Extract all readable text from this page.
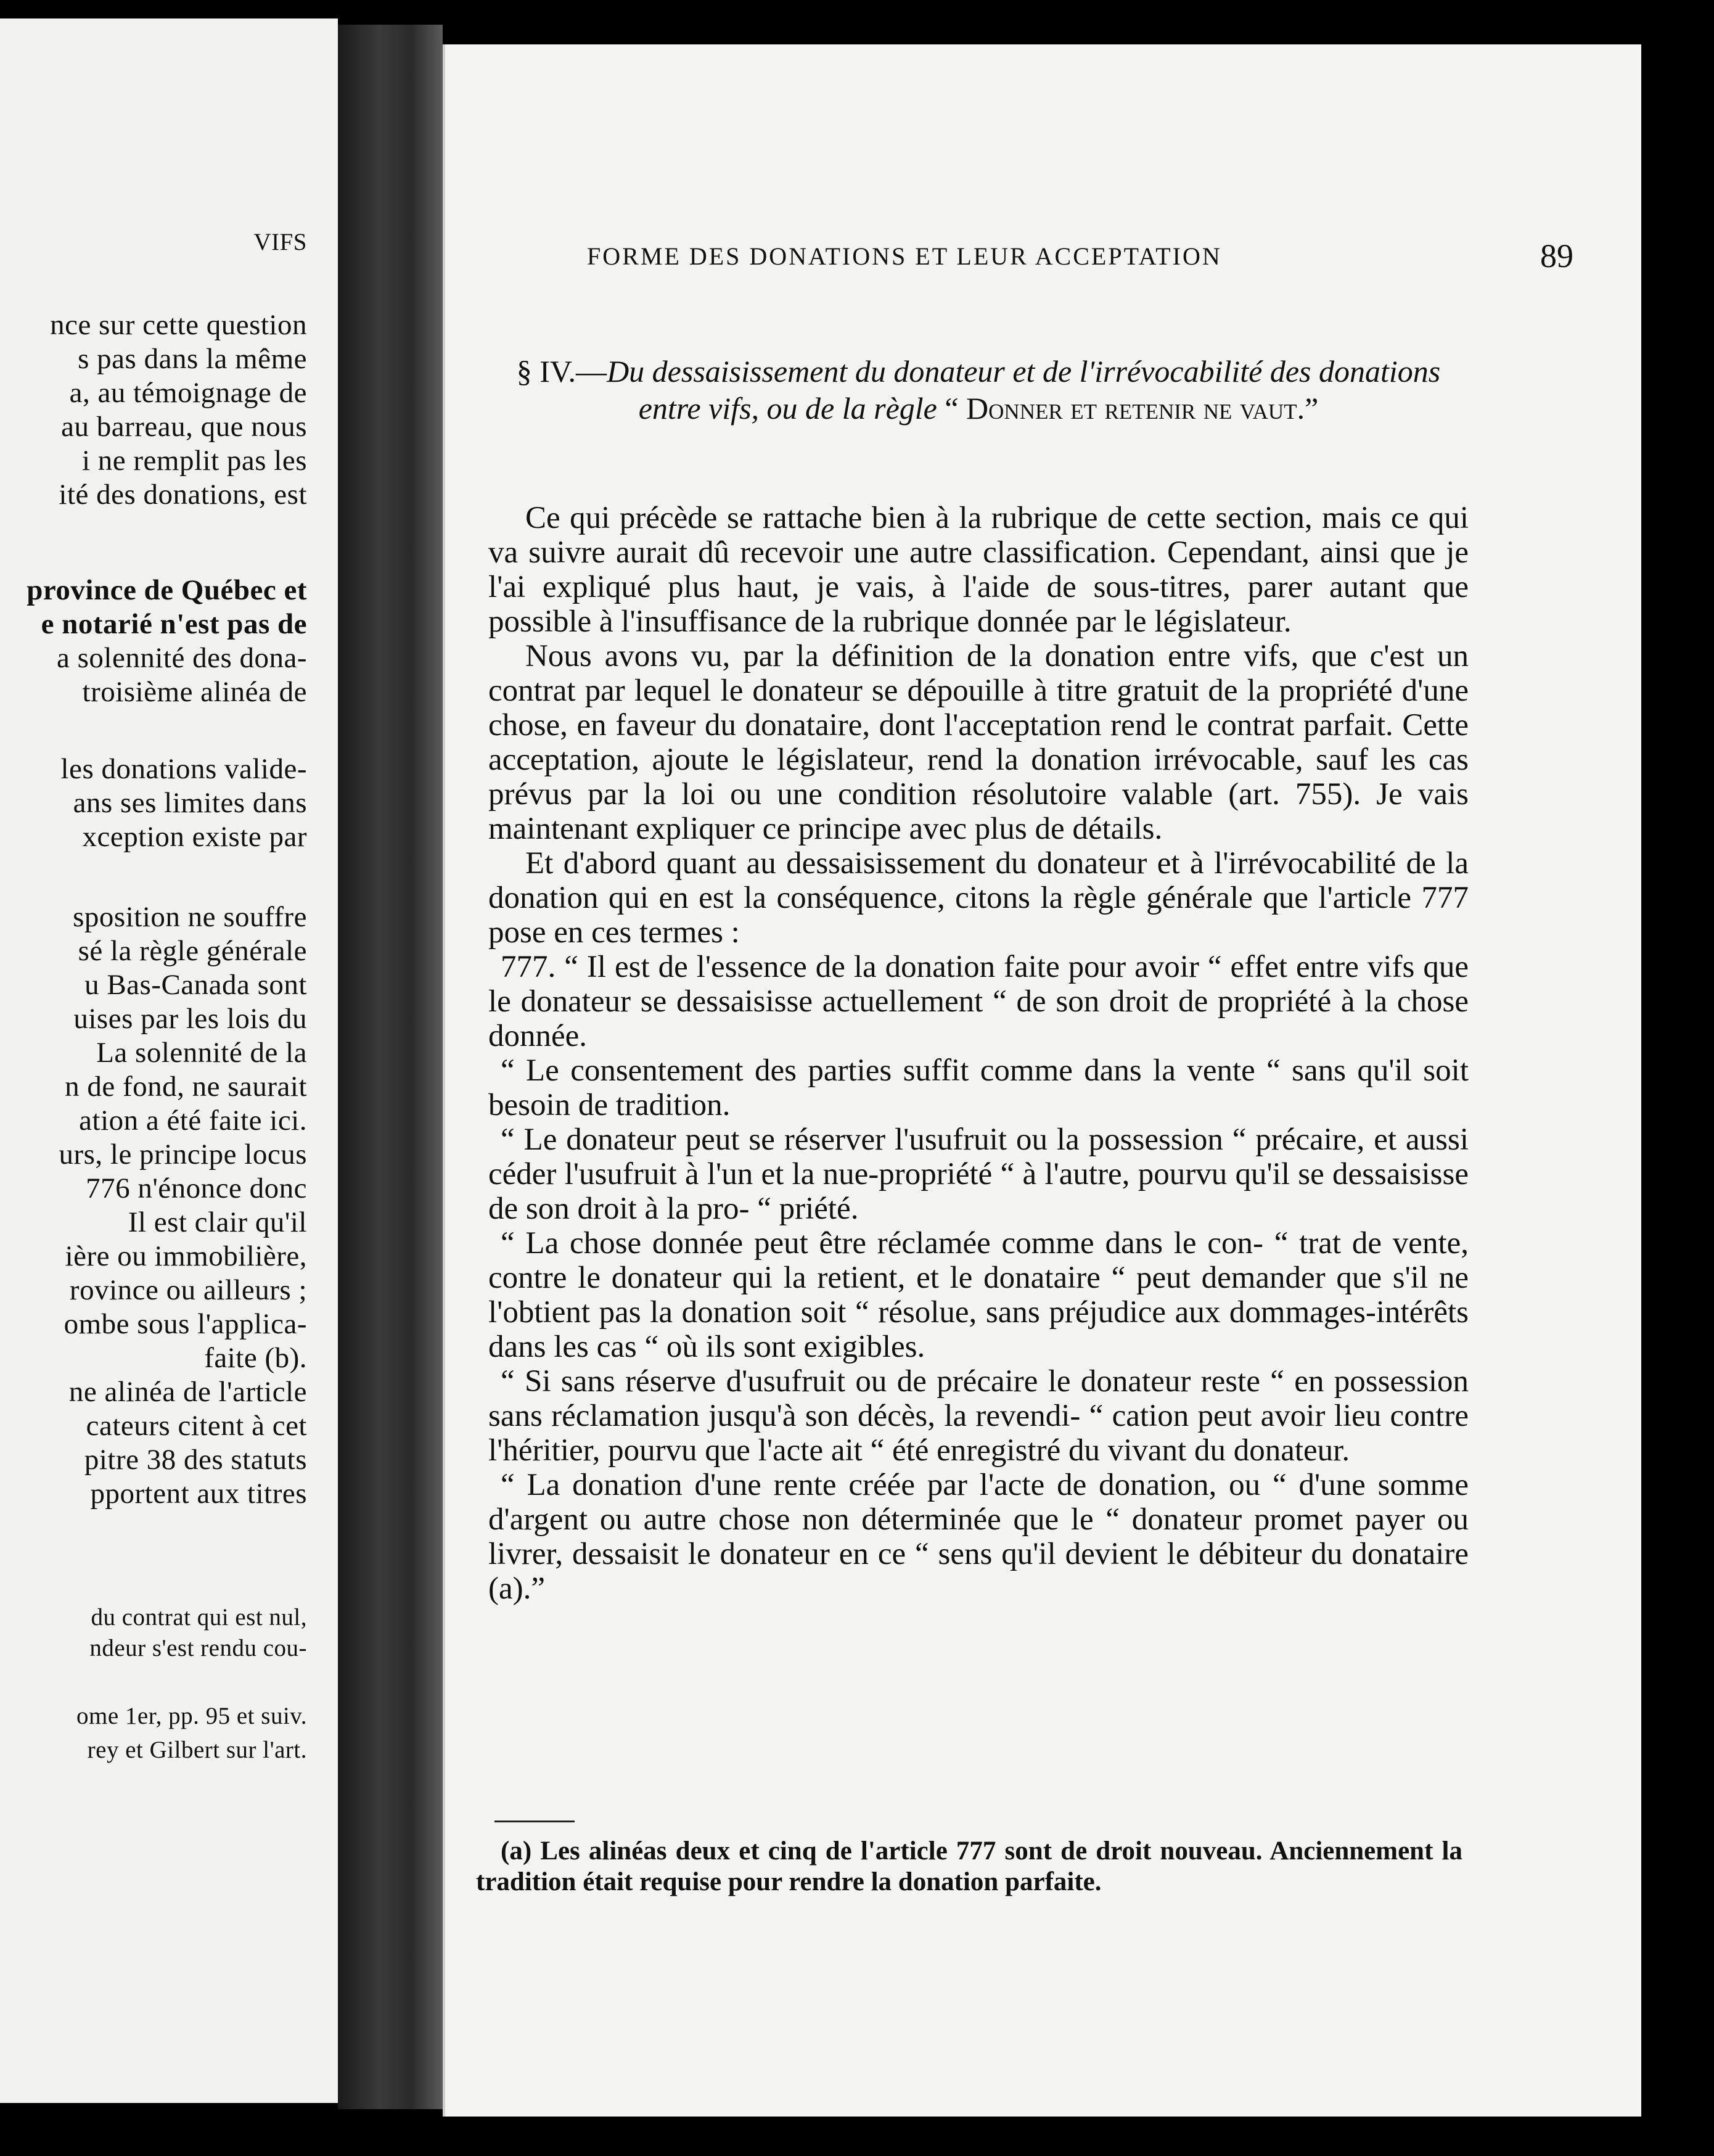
VIFS
nce sur cette question
s pas dans la même
a, au témoignage de
au barreau, que nous
i ne remplit pas les
ité des donations, est
province de Québec et
e notarié n'est pas de
a solennité des dona-
troisième alinéa de
les donations valide-
ans ses limites dans
xception existe par
sposition ne souffre
sé la règle générale
u Bas-Canada sont
uises par les lois du
La solennité de la
n de fond, ne saurait
ation a été faite ici.
urs, le principe locus
776 n'énonce donc
Il est clair qu'il
ière ou immobilière,
rovince ou ailleurs ;
ombe sous l'applica-
faite (b).
ne alinéa de l'article
cateurs citent à cet
pitre 38 des statuts
pportent aux titres
du contrat qui est nul,
ndeur s'est rendu cou-
ome 1er, pp. 95 et suiv.
rey et Gilbert sur l'art.
FORME DES DONATIONS ET LEUR ACCEPTATION	89
§ IV.—Du dessaisissement du donateur et de l'irrévocabilité des donations entre vifs, ou de la règle “ Donner et retenir ne vaut.”

Ce qui précède se rattache bien à la rubrique de cette section, mais ce qui va suivre aurait dû recevoir une autre classification. Cependant, ainsi que je l'ai expliqué plus haut, je vais, à l'aide de sous-titres, parer autant que possible à l'insuffisance de la rubrique donnée par le législateur.

Nous avons vu, par la définition de la donation entre vifs, que c'est un contrat par lequel le donateur se dépouille à titre gratuit de la propriété d'une chose, en faveur du donataire, dont l'acceptation rend le contrat parfait. Cette acceptation, ajoute le législateur, rend la donation irrévocable, sauf les cas prévus par la loi ou une condition résolutoire valable (art. 755). Je vais maintenant expliquer ce principe avec plus de détails.

Et d'abord quant au dessaisissement du donateur et à l'irrévocabilité de la donation qui en est la conséquence, citons la règle générale que l'article 777 pose en ces termes :

777. “ Il est de l'essence de la donation faite pour avoir “ effet entre vifs que le donateur se dessaisisse actuellement “ de son droit de propriété à la chose donnée.

“ Le consentement des parties suffit comme dans la vente “ sans qu'il soit besoin de tradition.

“ Le donateur peut se réserver l'usufruit ou la possession “ précaire, et aussi céder l'usufruit à l'un et la nue-propriété “ à l'autre, pourvu qu'il se dessaisisse de son droit à la pro- “ priété.

“ La chose donnée peut être réclamée comme dans le con- “ trat de vente, contre le donateur qui la retient, et le donataire “ peut demander que s'il ne l'obtient pas la donation soit “ résolue, sans préjudice aux dommages-intérêts dans les cas “ où ils sont exigibles.

“ Si sans réserve d'usufruit ou de précaire le donateur reste “ en possession sans réclamation jusqu'à son décès, la revendi- “ cation peut avoir lieu contre l'héritier, pourvu que l'acte ait “ été enregistré du vivant du donateur.

“ La donation d'une rente créée par l'acte de donation, ou “ d'une somme d'argent ou autre chose non déterminée que le “ donateur promet payer ou livrer, dessaisit le donateur en ce “ sens qu'il devient le débiteur du donataire (a).”

(a) Les alinéas deux et cinq de l'article 777 sont de droit nouveau. Anciennement la tradition était requise pour rendre la donation parfaite.
